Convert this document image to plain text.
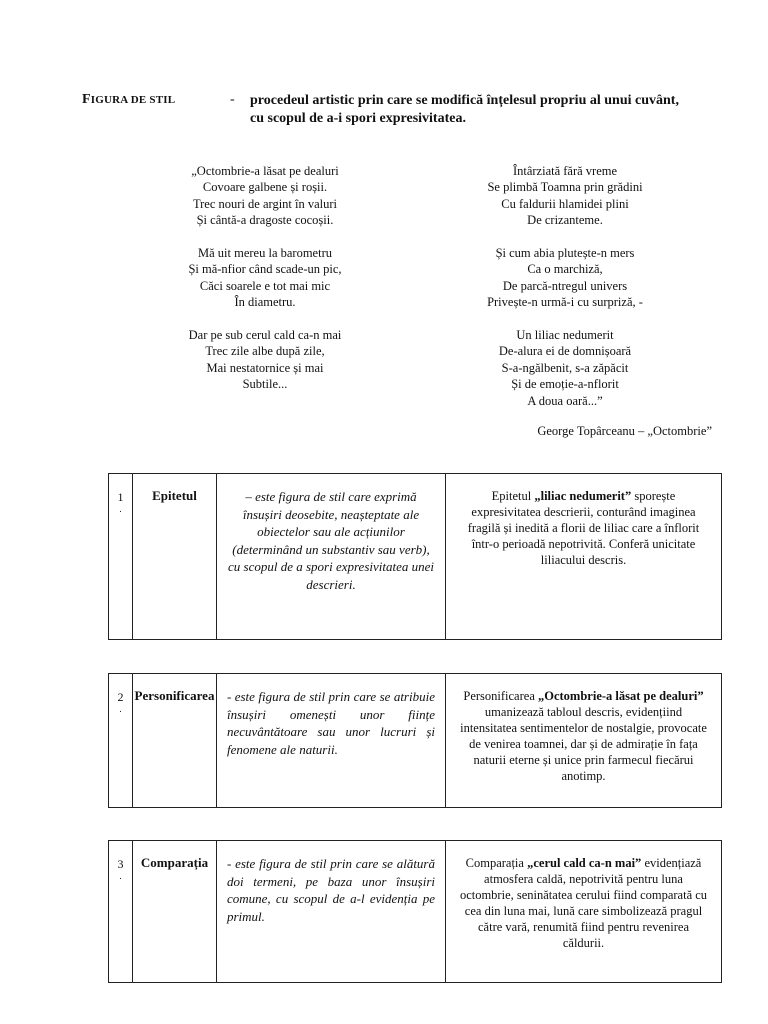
FIGURA DE STIL	- procedeul artistic prin care se modifică înțelesul propriu al unui cuvânt, cu scopul de a-i spori expresivitatea.
„Octombrie-a lăsat pe dealuri
Covoare galbene și roșii.
Trec nouri de argint în valuri
Și cântă-a dragoste cocoșii.
Mă uit mereu la barometru
Și mă-nfior când scade-un pic,
Căci soarele e tot mai mic
În diametru.
Dar pe sub cerul cald ca-n mai
Trec zile albe după zile,
Mai nestatornice și mai
Subtile...
Întârziată fără vreme
Se plimbă Toamna prin grădini
Cu faldurii hlamidei plini
De crizanteme.
Și cum abia plutește-n mers
Ca o marchiză,
De parcă-ntregul univers
Privește-n urmă-i cu surpriză, -
Un liliac nedumerit
De-alura ei de domnișoară
S-a-ngălbenit, s-a zăpăcit
Și de emoție-a-nflorit
A doua oară...”
George Topârceanu – „Octombrie”
1
.
	Epitetul	– este figura de stil care exprimă însușiri deosebite, neașteptate ale obiectelor sau ale acțiunilor (determinând un substantiv sau verb), cu scopul de a spori expresivitatea unei descrieri.	Epitetul „liliac nedumerit” sporește expresivitatea descrierii, conturând imaginea fragilă și inedită a florii de liliac care a înflorit într-o perioadă nepotrivită. Conferă unicitate liliacului descris.
2
.
	Personificarea	- este figura de stil prin care se atribuie însușiri omenești unor ființe necuvântătoare sau unor lucruri și fenomene ale naturii.	Personificarea „Octombrie-a lăsat pe dealuri” umanizează tabloul descris, evidențiind intensitatea sentimentelor de nostalgie, provocate de venirea toamnei, dar și de admirație în fața naturii eterne și unice prin farmecul fiecărui anotimp.
3
.
	Comparația	- este figura de stil prin care se alătură doi termeni, pe baza unor însușiri comune, cu scopul de a-l evidenția pe primul.	Comparația „cerul cald ca-n mai” evidențiază atmosfera caldă, nepotrivită pentru luna octombrie, seninătatea cerului fiind comparată cu cea din luna mai, lună care simbolizează pragul către vară, renumită fiind pentru revenirea căldurii.
